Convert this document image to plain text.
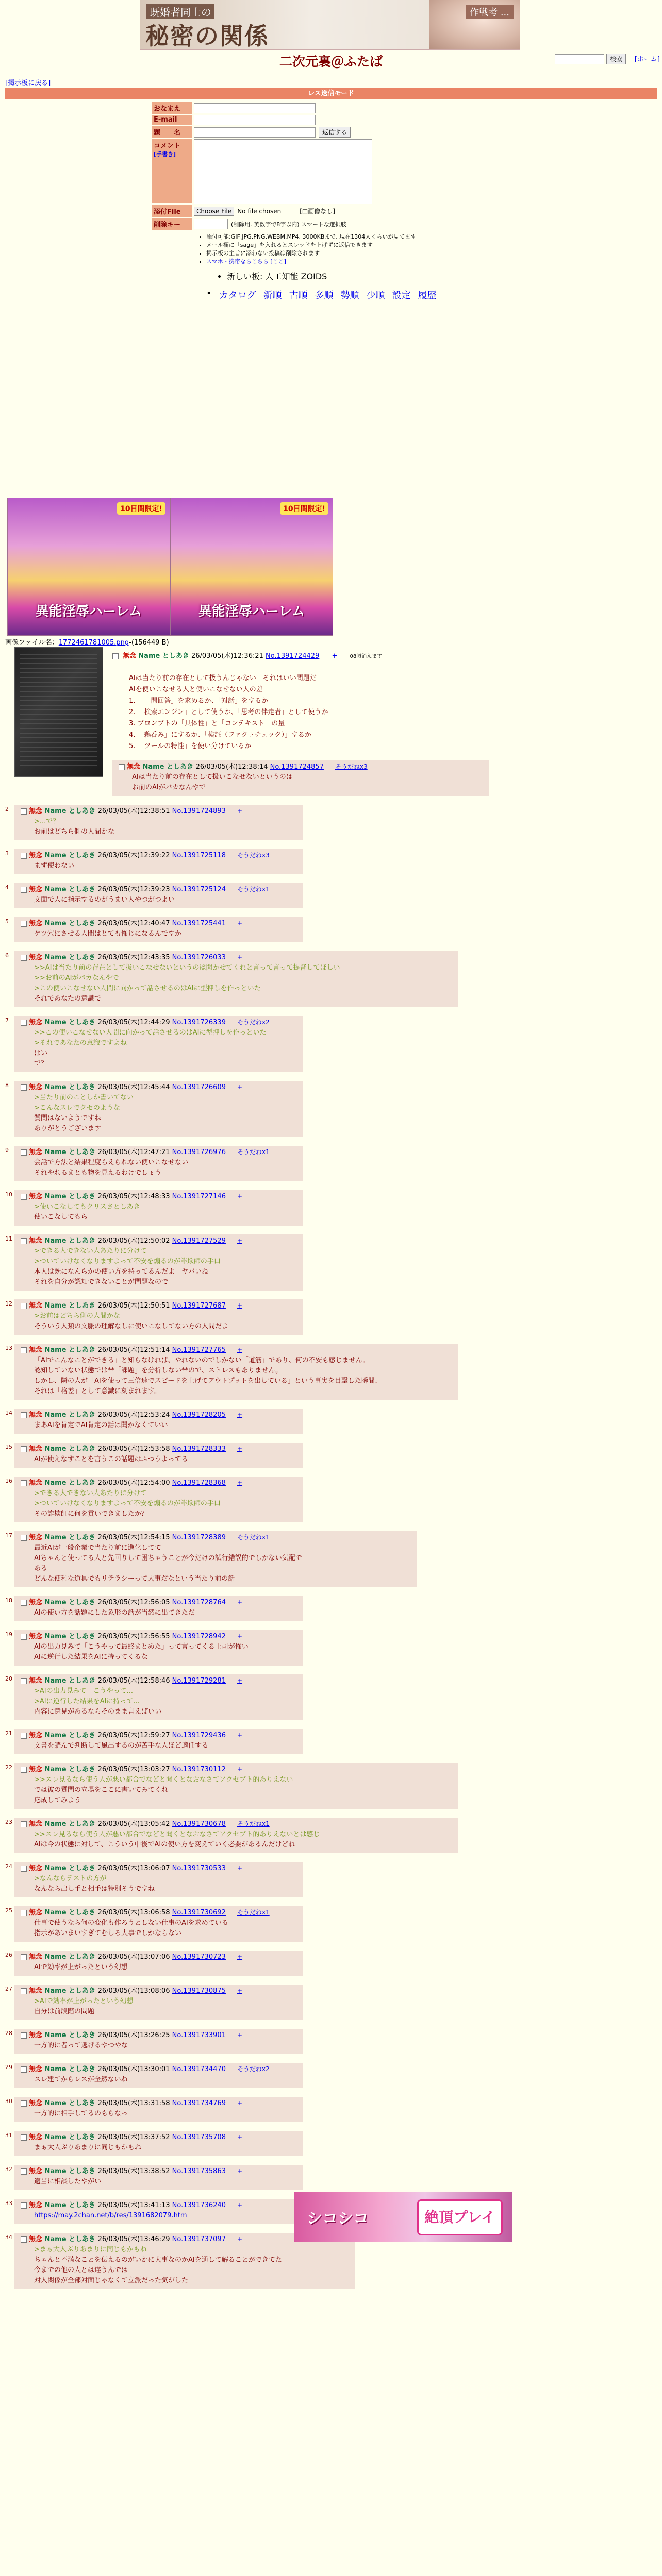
既婚者同士の
秘密の関係
作戦考 ...
検索	[ホーム]
二次元裏＠ふたば
[掲示板に戻る]
レス送信モード
おなまえ
E-mail
題　　名	返信する
コメント
[手書き]
添付File	Choose File No file chosen	[□画像なし]
削除キー	(削除用. 英数字で8字以内) スマートな選択肢
• 添付可能:GIF,JPG,PNG,WEBM,MP4. 3000KBまで. 現在1304人くらいが見てます
• メール欄に「sage」を入れるとスレッドを上げずに返信できます
• 掲示板の主旨に添わない投稿は削除されます
• スマホ・携帯ならこちら [ここ]
• 新しい板: 人工知能 ZOIDS
• カタログ 新順 古順 多順 勢順 少順 設定 履歴
10日間限定!
異能淫辱ハーレム
10日間限定!
異能淫辱ハーレム
画像ファイル名：1772461781005.png-(156449 B)
無念 Name としあき 26/03/05(木)12:36:21 No.1391724429 + 08頃消えます
AIは当たり前の存在として扱うんじゃない　それはいい問題だ
AIを使いこなせる人と使いこなせない人の差
1. 「一問回答」を求めるか、「対話」をするか
2. 「検索エンジン」として使うか、「思考の伴走者」として使うか
3. プロンプトの「具体性」と「コンテキスト」の量
4. 「鵜呑み」にするか、「検証（ファクトチェック）」するか
5. 「ツールの特性」を使い分けているか
無念 Name としあき 26/03/05(木)12:38:14 No.1391724857 そうだねx3
AIは当たり前の存在として扱いこなせないというのは
お前のAIがバカなんやで
2	無念 Name としあき 26/03/05(木)12:38:51 No.1391724893 +
>...で？
お前はどちら側の人間かな
3	無念 Name としあき 26/03/05(木)12:39:22 No.1391725118 そうだねx3
まず使わない
4	無念 Name としあき 26/03/05(木)12:39:23 No.1391725124 そうだねx1
文面で人に指示するのがうまい人やつがつよい
5	無念 Name としあき 26/03/05(木)12:40:47 No.1391725441 +
ケツ穴にさせる人間はとても怖じになるんですか
6	無念 Name としあき 26/03/05(木)12:43:35 No.1391726033 +
>>AIは当たり前の存在として扱いこなせないというのは聞かせてくれと言って言って提督してほしい
>>お前のAIがバカなんやで
>この使いこなせない人間に向かって話させるのはAIに型押しを作っといた
それであなたの意識で
7	無念 Name としあき 26/03/05(木)12:44:29 No.1391726339 そうだねx2
>>この使いこなせない人間に向かって話させるのはAIに型押しを作っといた
>それであなたの意識ですよね
はい
で？
8	無念 Name としあき 26/03/05(木)12:45:44 No.1391726609 +
>当たり前のことしか書いてない
>こんなスレでクセのような
質問はないようですね
ありがとうございます
9	無念 Name としあき 26/03/05(木)12:47:21 No.1391726976 そうだねx1
会話で方法と結果程度らえられない使いこなせない
それやれるまとも物を見えるわけでしょう
10	無念 Name としあき 26/03/05(木)12:48:33 No.1391727146 +
>使いこなしてもクリスさとしあき
使いこなしてもら
11	無念 Name としあき 26/03/05(木)12:50:02 No.1391727529 +
>できる人できない人あたりに分けて
>ついていけなくなりますよって不安を煽るのが詐欺師の手口
本人は既になんらかの使い方を持ってるんだよ　ヤバいね
それを自分が認知できないことが問題なので
12	無念 Name としあき 26/03/05(木)12:50:51 No.1391727687 +
>お前はどちら側の人間かな
そういう人類の文脈の理解なしに使いこなしてない方の人間だよ
13	無念 Name としあき 26/03/05(木)12:51:14 No.1391727765 +
「AIでこんなことができる」と知らなければ、やれないのでしかない「道筋」であり、何の不安も感じません。
認知していない状態では**「課題」を分析しない**ので、ストレスもありません。
しかし、隣の人が「AIを使って三倍速でスピードを上げてアウトプットを出している」という事実を目撃した瞬間、
それは「格差」として意識に刻まれます。
14	無念 Name としあき 26/03/05(木)12:53:24 No.1391728205 +
まあAIを肯定でAI肯定の話は聞かなくていい
15	無念 Name としあき 26/03/05(木)12:53:58 No.1391728333 +
AIが使えなすことを言うこの話題はふつうよってる
16	無念 Name としあき 26/03/05(木)12:54:00 No.1391728368 +
>できる人できない人あたりに分けて
>ついていけなくなりますよって不安を煽るのが詐欺師の手口
その詐欺師に何を貢いできましたか？
17	無念 Name としあき 26/03/05(木)12:54:15 No.1391728389 そうだねx1
最近AIが一般企業で当たり前に進化してて
AIちゃんと使ってる人と先回りして困ちゃうことが今だけの試行錯誤的でしかない気配で
ある
どんな便利な道具でもリテラシーって大事だなという当たり前の話
18	無念 Name としあき 26/03/05(木)12:56:05 No.1391728764 +
AIの使い方を話題にした象形の話が当然に出てきただ
19	無念 Name としあき 26/03/05(木)12:56:55 No.1391728942 +
AIの出力見みて「こうやって最終まとめた」って言ってくる上司が怖い
AIに逆行した結果をAIに持ってくるな
20	無念 Name としあき 26/03/05(木)12:58:46 No.1391729281 +
>AIの出力見みて「こうやって...
>AIに逆行した結果をAIに持って...
内容に意見があるならそのまま言えばいい
21	無念 Name としあき 26/03/05(木)12:59:27 No.1391729436 +
文書を読んで判断して風出するのが苦手な人ほど適任する
22	無念 Name としあき 26/03/05(木)13:03:27 No.1391730112 +
>>スレ見るなら使う人が悪い都合でなどと聞くとなおなさてアクセプト的ありえない
では彼の質問の立場をここに書いてみてくれ
応成してみよう
23	無念 Name としあき 26/03/05(木)13:05:42 No.1391730678 そうだねx1
>>スレ見るなら使う人が悪い都合でなどと聞くとなおなさてアクセプト的ありえないとは感じ
AIは今の状態に対して、こういう中後でAIの使い方を変えていく必要があるんだけどね
24	無念 Name としあき 26/03/05(木)13:06:07 No.1391730533 +
>なんならテストの方が
なんなら出し手と相手は特別そうですね
25	無念 Name としあき 26/03/05(木)13:06:58 No.1391730692 そうだねx1
仕事で使うなら何の変化も作ろうとしない仕事のAIを求めている
指示があいまいすぎてむしろ大事でしかならない
26	無念 Name としあき 26/03/05(木)13:07:06 No.1391730723 +
AIで効率が上がったという幻想
27	無念 Name としあき 26/03/05(木)13:08:06 No.1391730875 +
>AIで効率が上がったという幻想
自分は前段階の問題
28	無念 Name としあき 26/03/05(木)13:26:25 No.1391733901 +
一方的に者って逃げるやつやな
29	無念 Name としあき 26/03/05(木)13:30:01 No.1391734470 そうだねx2
スレ建てからレスが全然ないね
30	無念 Name としあき 26/03/05(木)13:31:58 No.1391734769 +
一方的に相手してるのもらなっ
31	無念 Name としあき 26/03/05(木)13:37:52 No.1391735708 +
まぁ大人ぶりあまりに同じもかもね
32	無念 Name としあき 26/03/05(木)13:38:52 No.1391735863 +
適当に相談したやがい
33	無念 Name としあき 26/03/05(木)13:41:13 No.1391736240 +
https://may.2chan.net/b/res/1391682079.htm
34	無念 Name としあき 26/03/05(木)13:46:29 No.1391737097 +
>まぁ大人ぶりあまりに同じもかもね
ちゃんと不満なことを伝えるのがいかに大事なのかAIを通して解ることができてた
今までの他の人とは違うんでは
対人関係が全部対面じゃなくて立派だった気がした
シコシコ	絶頂プレイ
